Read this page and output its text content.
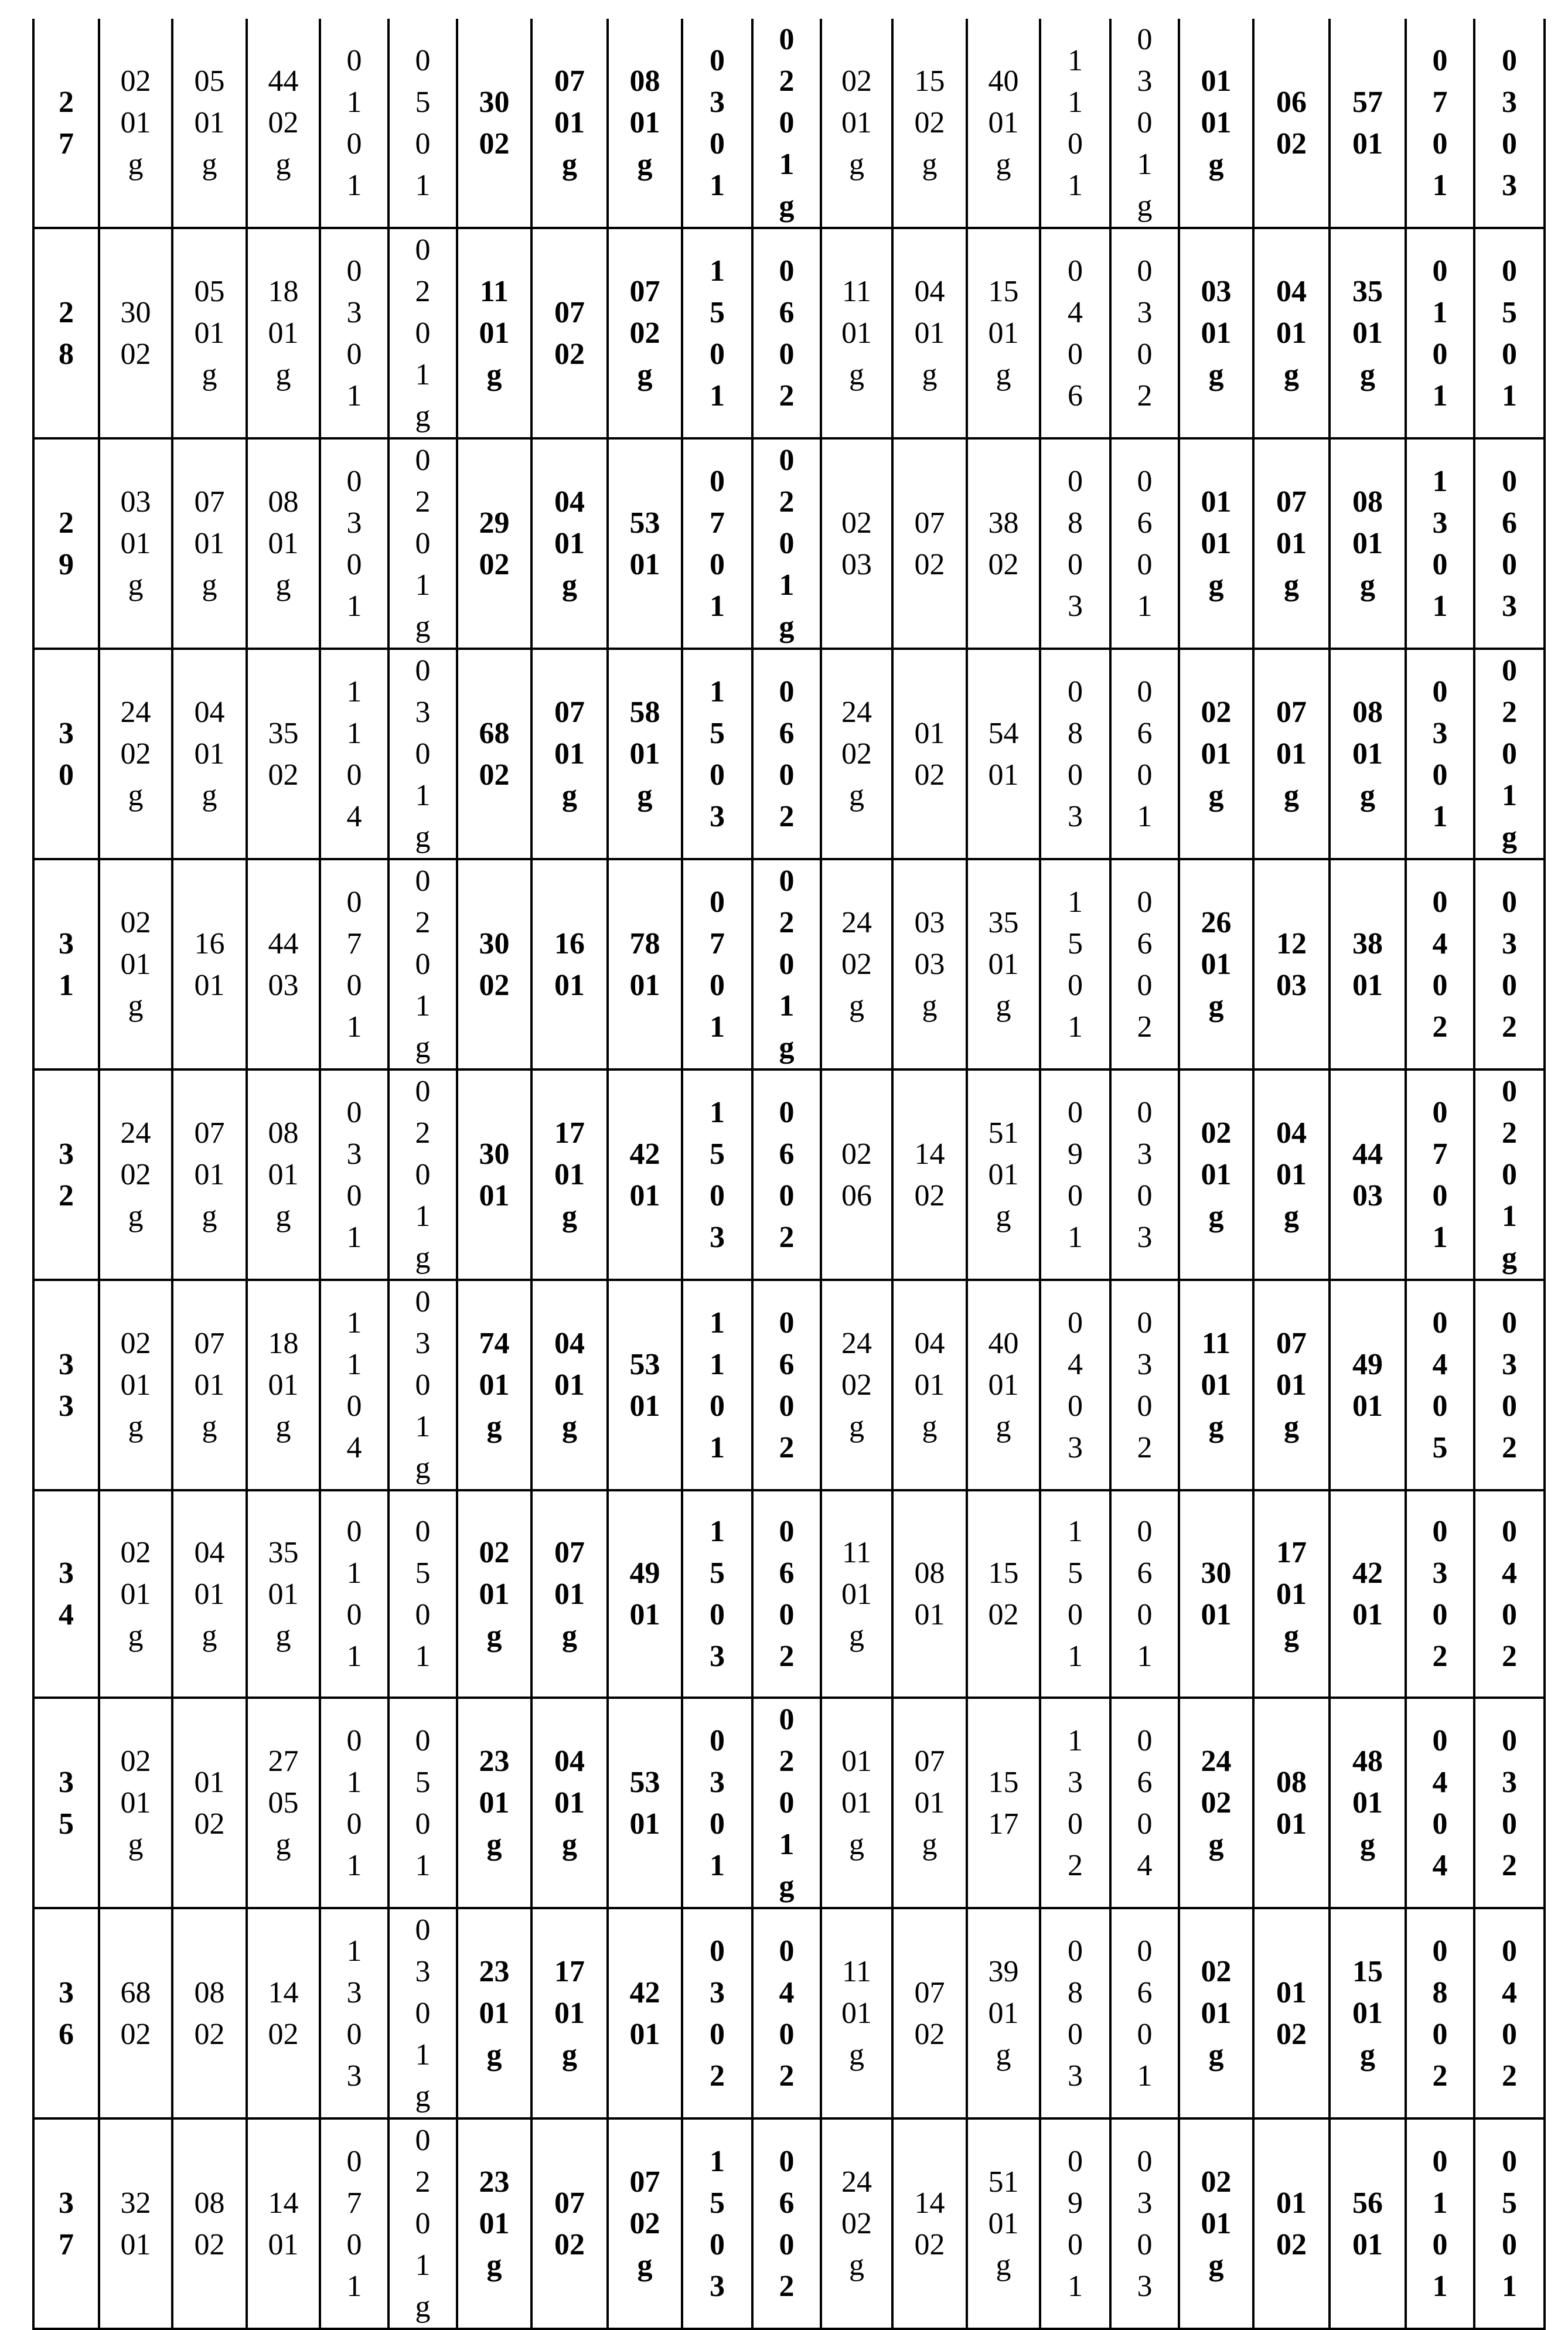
27	0201g	0501g	4402g	0101	0501	3002	0701g	0801g	0301	0201g	0201g	1502g	4001g	1101	0301g	0101g	0602	5701	0701	0303
28	3002	0501g	1801g	0301	0201g	1101g	0702	0702g	1501	0602	1101g	0401g	1501g	0406	0302	0301g	0401g	3501g	0101	0501
29	0301g	0701g	0801g	0301	0201g	2902	0401g	5301	0701	0201g	0203	0702	3802	0803	0601	0101g	0701g	0801g	1301	0603
30	2402g	0401g	3502	1104	0301g	6802	0701g	5801g	1503	0602	2402g	0102	5401	0803	0601	0201g	0701g	0801g	0301	0201g
31	0201g	1601	4403	0701	0201g	3002	1601	7801	0701	0201g	2402g	0303g	3501g	1501	0602	2601g	1203	3801	0402	0302
32	2402g	0701g	0801g	0301	0201g	3001	1701g	4201	1503	0602	0206	1402	5101g	0901	0303	0201g	0401g	4403	0701	0201g
33	0201g	0701g	1801g	1104	0301g	7401g	0401g	5301	1101	0602	2402g	0401g	4001g	0403	0302	1101g	0701g	4901	0405	0302
34	0201g	0401g	3501g	0101	0501	0201g	0701g	4901	1503	0602	1101g	0801	1502	1501	0601	3001	1701g	4201	0302	0402
35	0201g	0102	2705g	0101	0501	2301g	0401g	5301	0301	0201g	0101g	0701g	1517	1302	0604	2402g	0801	4801g	0404	0302
36	6802	0802	1402	1303	0301g	2301g	1701g	4201	0302	0402	1101g	0702	3901g	0803	0601	0201g	0102	1501g	0802	0402
37	3201	0802	1401	0701	0201g	2301g	0702	0702g	1503	0602	2402g	1402	5101g	0901	0303	0201g	0102	5601	0101	0501
